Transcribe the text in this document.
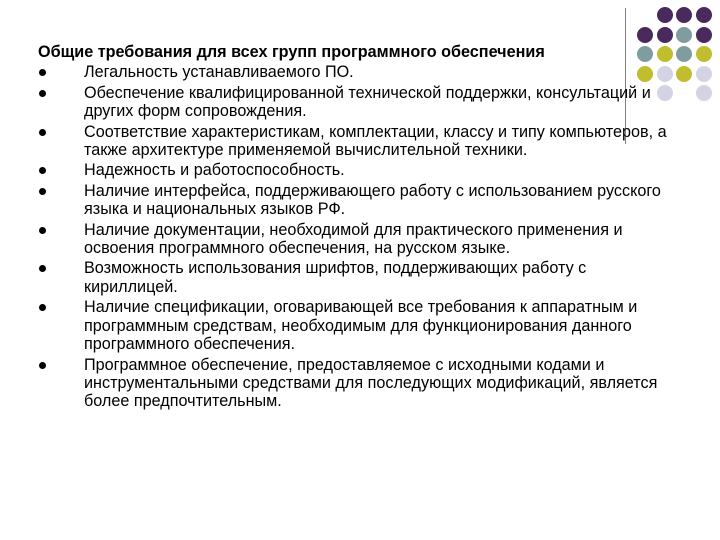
Общие требования для всех групп программного обеспечения
Легальность устанавливаемого ПО.
Обеспечение квалифицированной технической поддержки, консультаций и других форм сопровождения.
Соответствие характеристикам, комплектации, классу и типу компьютеров, а также архитектуре применяемой вычислительной техники.
Надежность и работоспособность.
Наличие интерфейса, поддерживающего работу с использованием русского языка и национальных языков РФ.
Наличие документации, необходимой для практического применения и освоения программного обеспечения, на русском языке.
Возможность использования шрифтов, поддерживающих работу с кириллицей.
Наличие спецификации, оговаривающей все требования к аппаратным и программным средствам, необходимым для функционирования данного программного обеспечения.
Программное обеспечение, предоставляемое с исходными кодами и инструментальными средствами для последующих модификаций, является более предпочтительным.
